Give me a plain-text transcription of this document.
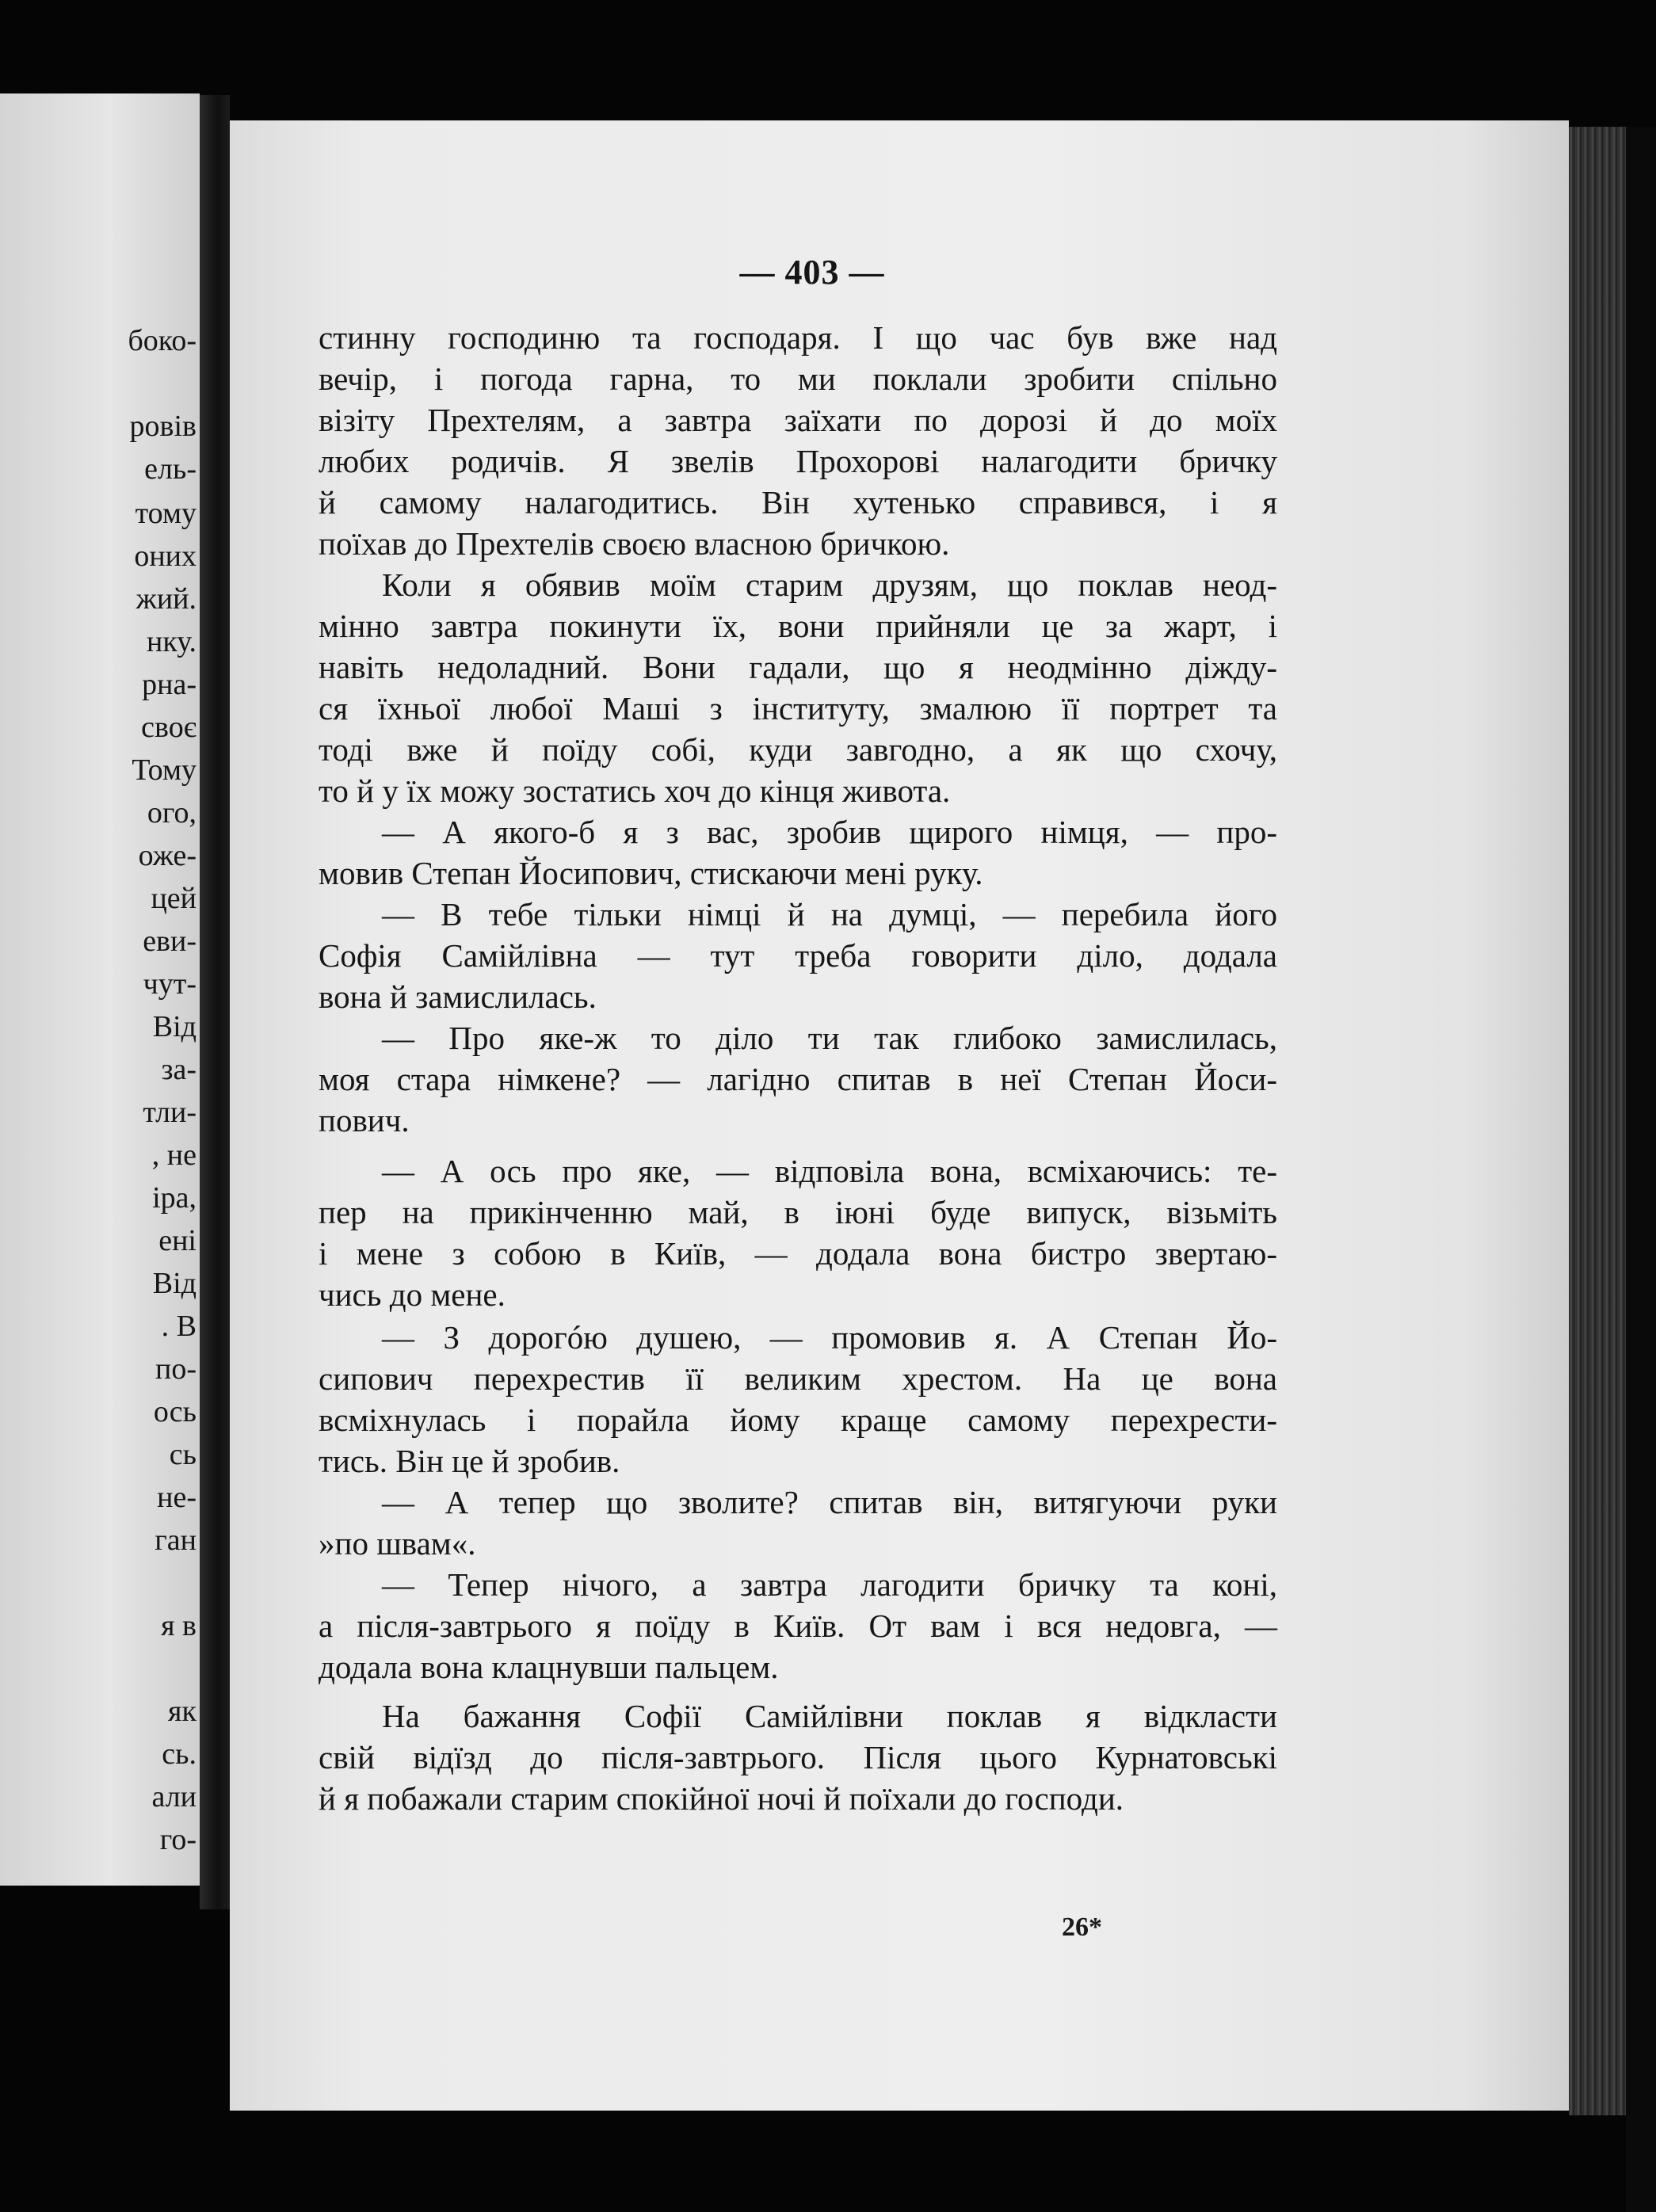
боко-
ровів
ель-
тому
оних
жий.
нку.
рна-
своє
Тому
ого,
оже-
цей
еви-
чут-
Від
за-
тли-
, не
іра,
ені
Від
. В
по-
ось
сь
не-
ган
я в
як
сь.
али
го-
— 403 —
стинну господиню та господаря. І що час був вже над
вечір, і погода гарна, то ми поклали зробити спільно
візіту Прехтелям, а завтра заїхати по дорозі й до моїх
любих родичів. Я звелів Прохорові налагодити бричку
й самому налагодитись. Він хутенько справився, і я
поїхав до Прехтелів своєю власною бричкою.
Коли я обявив моїм старим друзям, що поклав неод-
мінно завтра покинути їх, вони прийняли це за жарт, і
навіть недоладний. Вони гадали, що я неодмінно діжду-
ся їхньої любої Маші з інституту, змалюю її портрет та
тоді вже й поїду собі, куди завгодно, а як що схочу,
то й у їх можу зостатись хоч до кінця живота.
— А якого-б я з вас, зробив щирого німця, — про-
мовив Степан Йосипович, стискаючи мені руку.
— В тебе тільки німці й на думці, — перебила його
Софія Самійлівна — тут треба говорити діло, додала
вона й замислилась.
— Про яке-ж то діло ти так глибоко замислилась,
моя стара німкене? — лагідно спитав в неї Степан Йоси-
пович.
— А ось про яке, — відповіла вона, всміхаючись: те-
пер на прикінченню май, в іюні буде випуск, візьміть
і мене з собою в Київ, — додала вона бистро звертаю-
чись до мене.
— З дорогóю душею, — промовив я. А Степан Йо-
сипович перехрестив її великим хрестом. На це вона
всміхнулась і порайла йому краще самому перехрести-
тись. Він це й зробив.
— А тепер що зволите? спитав він, витягуючи руки
»по швам«.
— Тепер нічого, а завтра лагодити бричку та коні,
а після-завтрього я поїду в Київ. От вам і вся недовга, —
додала вона клацнувши пальцем.
На бажання Софії Самійлівни поклав я відкласти
свій відїзд до після-завтрього. Після цього Курнатовські
й я побажали старим спокійної ночі й поїхали до господи.
26*
